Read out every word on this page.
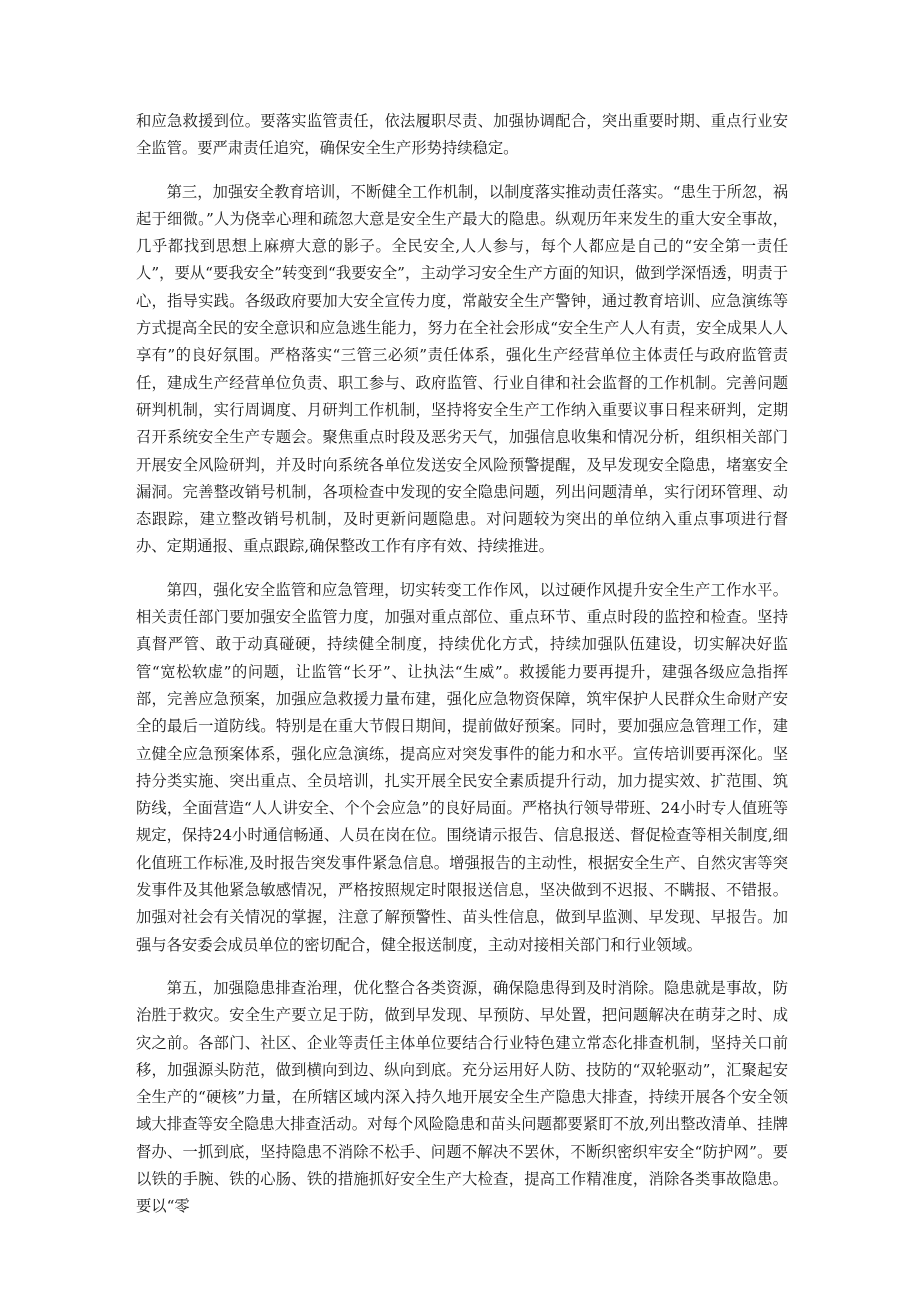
和应急救援到位。要落实监管责任，依法履职尽责、加强协调配合，突出重要时期、重点行业安全监管。要严肃责任追究，确保安全生产形势持续稳定。

第三，加强安全教育培训，不断健全工作机制，以制度落实推动责任落实。“患生于所忽，祸起于细微。”人为侥幸心理和疏忽大意是安全生产最大的隐患。纵观历年来发生的重大安全事故，几乎都找到思想上麻痹大意的影子。全民安全,人人参与，每个人都应是自己的“安全第一责任人”，要从“要我安全”转变到“我要安全”，主动学习安全生产方面的知识，做到学深悟透，明责于心，指导实践。各级政府要加大安全宣传力度，常敲安全生产警钟，通过教育培训、应急演练等方式提高全民的安全意识和应急逃生能力，努力在全社会形成“安全生产人人有责，安全成果人人享有”的良好氛围。严格落实“三管三必须”责任体系，强化生产经营单位主体责任与政府监管责任，建成生产经营单位负责、职工参与、政府监管、行业自律和社会监督的工作机制。完善问题研判机制，实行周调度、月研判工作机制，坚持将安全生产工作纳入重要议事日程来研判，定期召开系统安全生产专题会。聚焦重点时段及恶劣天气，加强信息收集和情况分析，组织相关部门开展安全风险研判，并及时向系统各单位发送安全风险预警提醒，及早发现安全隐患，堵塞安全漏洞。完善整改销号机制，各项检查中发现的安全隐患问题，列出问题清单，实行闭环管理、动态跟踪，建立整改销号机制，及时更新问题隐患。对问题较为突出的单位纳入重点事项进行督办、定期通报、重点跟踪,确保整改工作有序有效、持续推进。

第四，强化安全监管和应急管理，切实转变工作作风，以过硬作风提升安全生产工作水平。相关责任部门要加强安全监管力度，加强对重点部位、重点环节、重点时段的监控和检查。坚持真督严管、敢于动真碰硬，持续健全制度，持续优化方式，持续加强队伍建设，切实解决好监管“宽松软虚”的问题，让监管“长牙”、让执法“生威”。救援能力要再提升，建强各级应急指挥部，完善应急预案，加强应急救援力量布建，强化应急物资保障，筑牢保护人民群众生命财产安全的最后一道防线。特别是在重大节假日期间，提前做好预案。同时，要加强应急管理工作，建立健全应急预案体系，强化应急演练，提高应对突发事件的能力和水平。宣传培训要再深化。坚持分类实施、突出重点、全员培训，扎实开展全民安全素质提升行动，加力提实效、扩范围、筑防线，全面营造“人人讲安全、个个会应急”的良好局面。严格执行领导带班、24小时专人值班等规定，保持24小时通信畅通、人员在岗在位。围绕请示报告、信息报送、督促检查等相关制度,细化值班工作标准,及时报告突发事件紧急信息。增强报告的主动性，根据安全生产、自然灾害等突发事件及其他紧急敏感情况，严格按照规定时限报送信息，坚决做到不迟报、不瞒报、不错报。加强对社会有关情况的掌握，注意了解预警性、苗头性信息，做到早监测、早发现、早报告。加强与各安委会成员单位的密切配合，健全报送制度，主动对接相关部门和行业领域。

第五，加强隐患排查治理，优化整合各类资源，确保隐患得到及时消除。隐患就是事故，防治胜于救灾。安全生产要立足于防，做到早发现、早预防、早处置，把问题解决在萌芽之时、成灾之前。各部门、社区、企业等责任主体单位要结合行业特色建立常态化排查机制，坚持关口前移，加强源头防范，做到横向到边、纵向到底。充分运用好人防、技防的“双轮驱动”，汇聚起安全生产的“硬核”力量，在所辖区域内深入持久地开展安全生产隐患大排查，持续开展各个安全领域大排查等安全隐患大排查活动。对每个风险隐患和苗头问题都要紧盯不放,列出整改清单、挂牌督办、一抓到底，坚持隐患不消除不松手、问题不解决不罢休，不断织密织牢安全“防护网”。要以铁的手腕、铁的心肠、铁的措施抓好安全生产大检查，提高工作精准度，消除各类事故隐患。要以“零
